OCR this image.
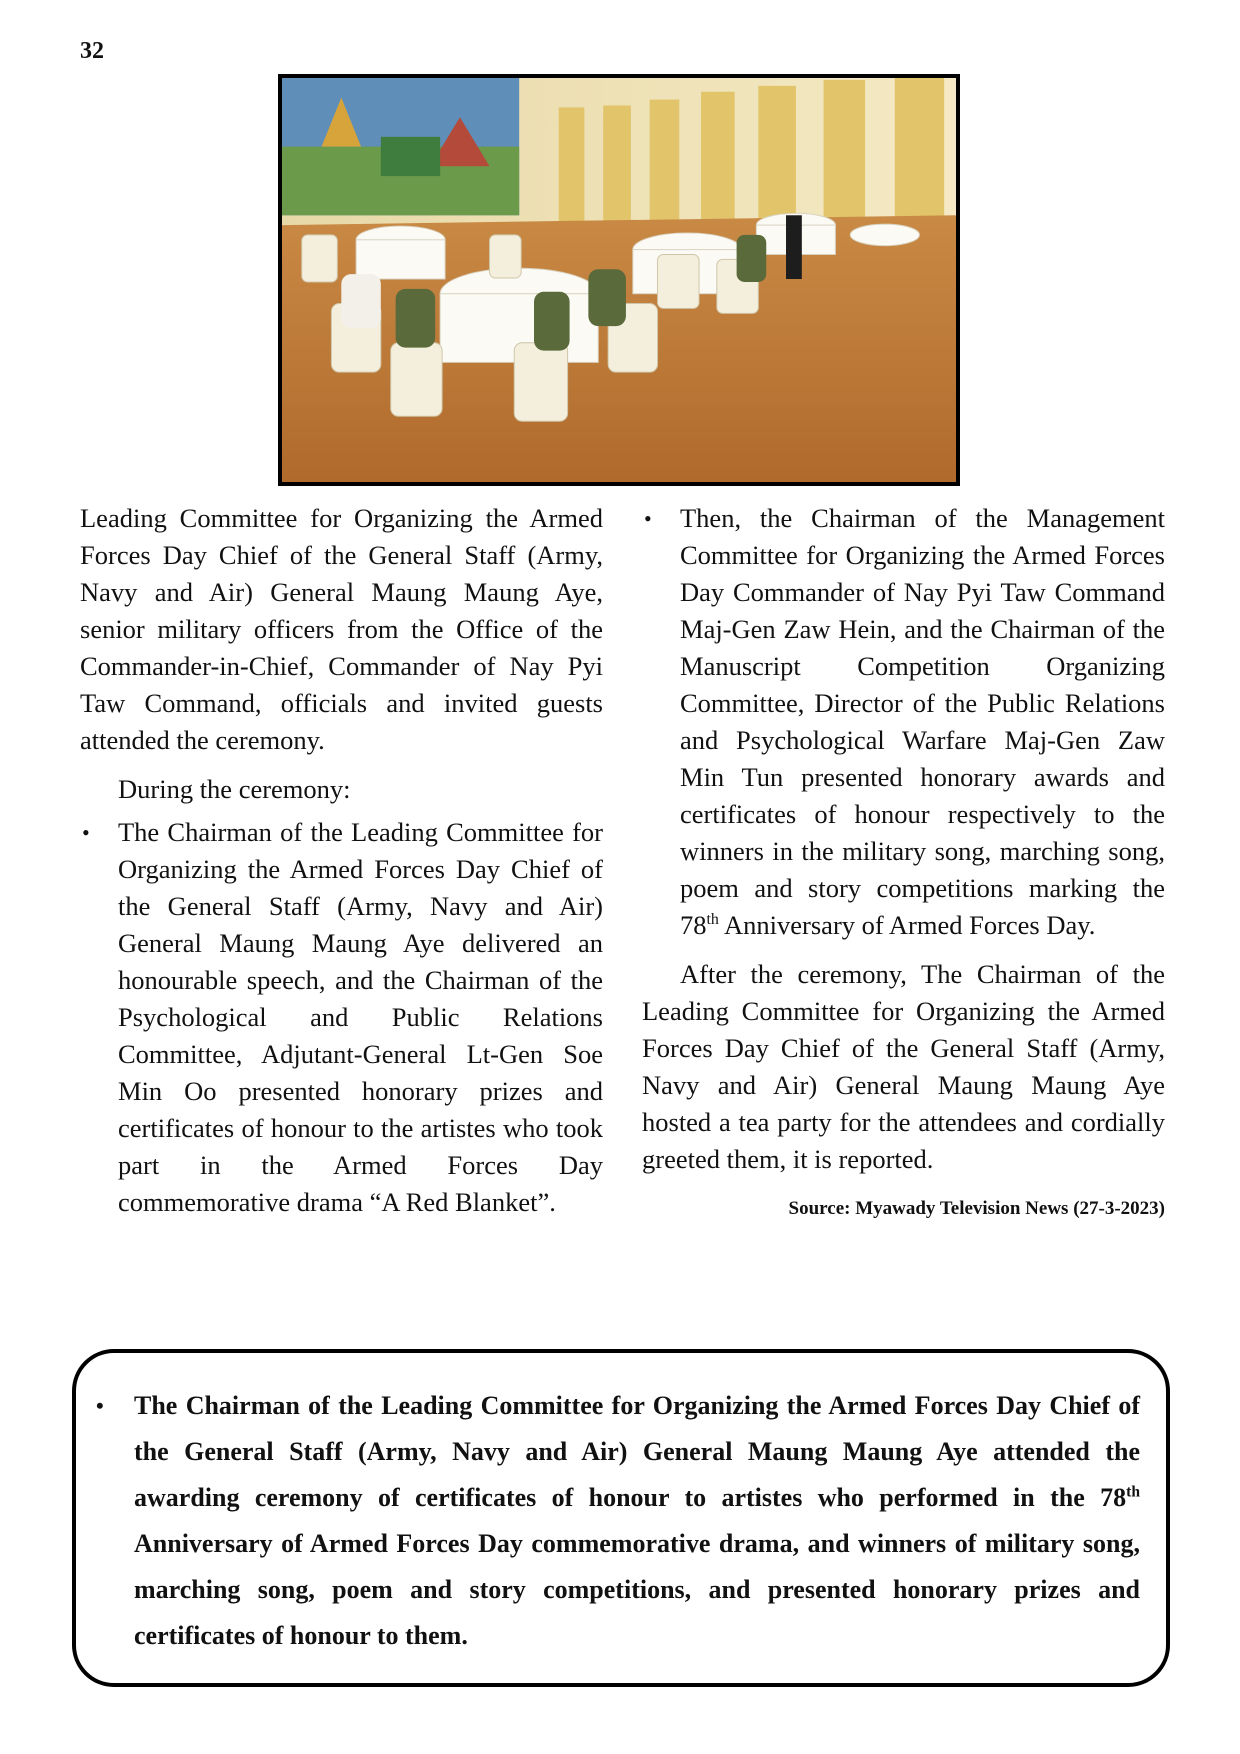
32

Leading Committee for Organizing the Armed Forces Day Chief of the General Staff (Army, Navy and Air) General Maung Maung Aye, senior military officers from the Office of the Commander-in-Chief, Commander of Nay Pyi Taw Command, officials and invited guests attended the ceremony.

During the ceremony:

• The Chairman of the Leading Committee for Organizing the Armed Forces Day Chief of the General Staff (Army, Navy and Air) General Maung Maung Aye delivered an honourable speech, and the Chairman of the Psychological and Public Relations Committee, Adjutant-General Lt-Gen Soe Min Oo presented honorary prizes and certificates of honour to the artistes who took part in the Armed Forces Day commemorative drama “A Red Blanket”.

• Then, the Chairman of the Management Committee for Organizing the Armed Forces Day Commander of Nay Pyi Taw Command Maj-Gen Zaw Hein, and the Chairman of the Manuscript Competition Organizing Committee, Director of the Public Relations and Psychological Warfare Maj-Gen Zaw Min Tun presented honorary awards and certificates of honour respectively to the winners in the military song, marching song, poem and story competitions marking the 78th Anniversary of Armed Forces Day.

After the ceremony, The Chairman of the Leading Committee for Organizing the Armed Forces Day Chief of the General Staff (Army, Navy and Air) General Maung Maung Aye hosted a tea party for the attendees and cordially greeted them, it is reported.

Source: Myawady Television News (27-3-2023)

• The Chairman of the Leading Committee for Organizing the Armed Forces Day Chief of the General Staff (Army, Navy and Air) General Maung Maung Aye attended the awarding ceremony of certificates of honour to artistes who performed in the 78th Anniversary of Armed Forces Day commemorative drama, and winners of military song, marching song, poem and story competitions, and presented honorary prizes and certificates of honour to them.
